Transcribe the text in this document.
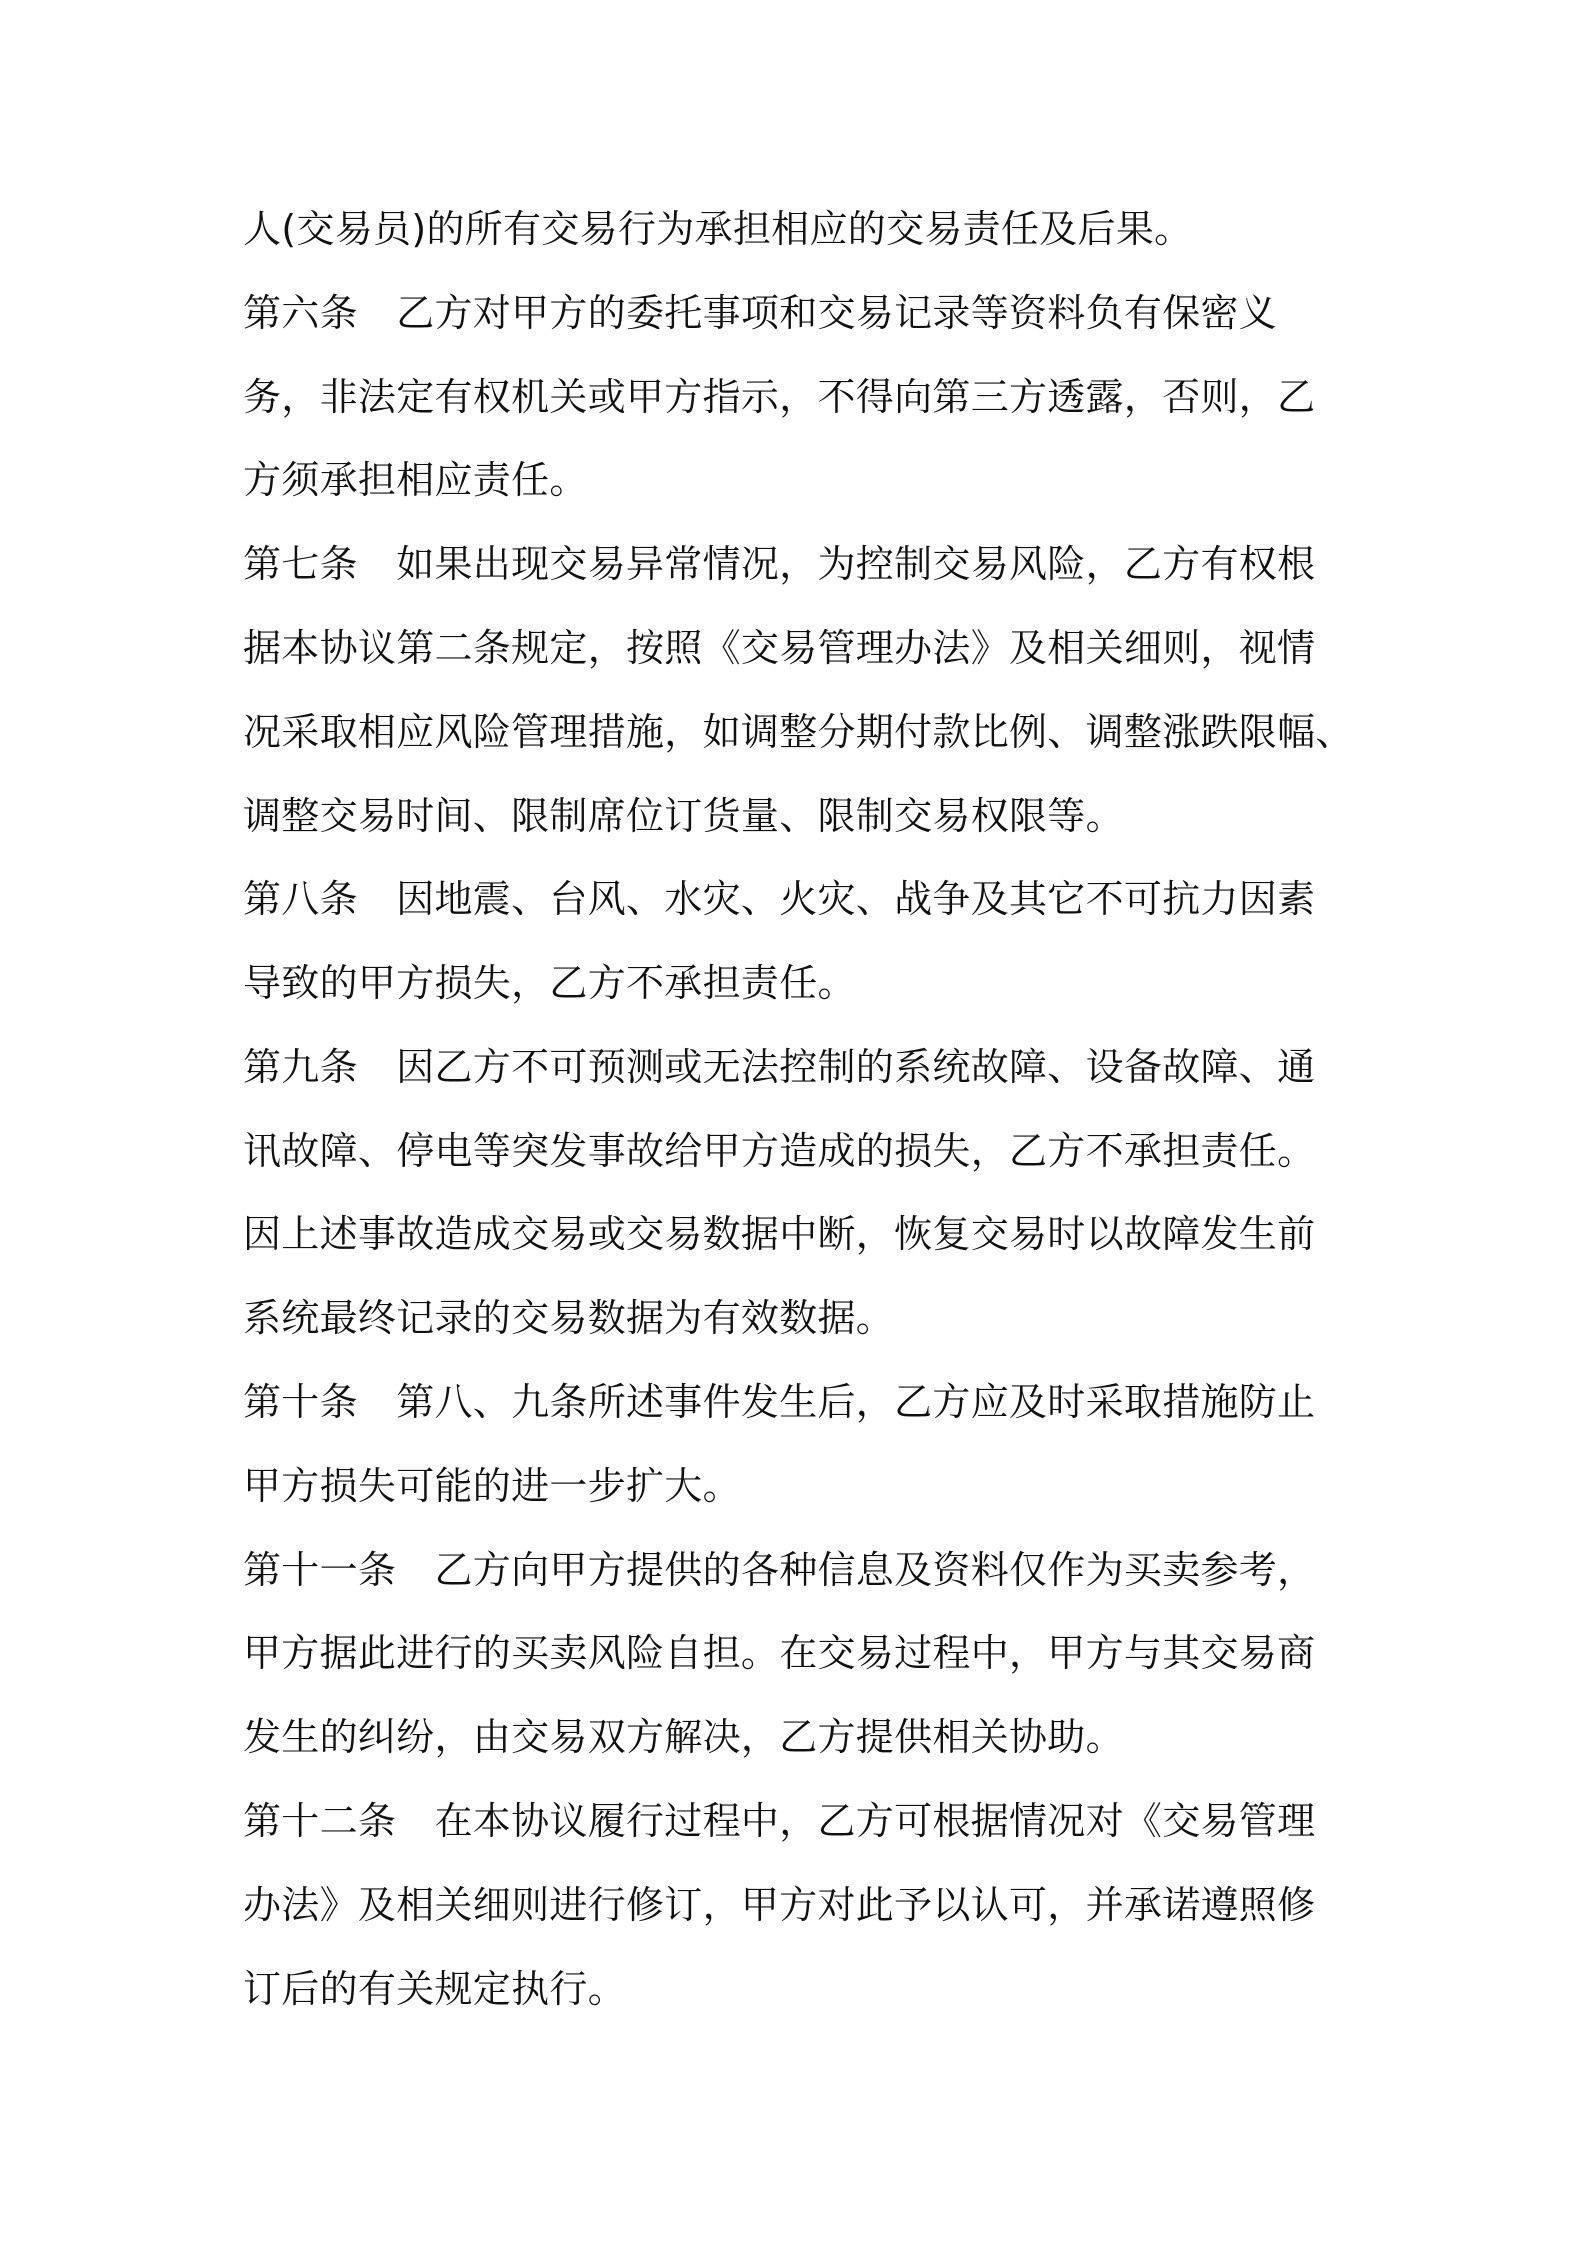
人(交易员)的所有交易行为承担相应的交易责任及后果。
第六条　乙方对甲方的委托事项和交易记录等资料负有保密义
务，非法定有权机关或甲方指示，不得向第三方透露，否则，乙
方须承担相应责任。
第七条　如果出现交易异常情况，为控制交易风险，乙方有权根
据本协议第二条规定，按照《交易管理办法》及相关细则，视情
况采取相应风险管理措施，如调整分期付款比例、调整涨跌限幅、
调整交易时间、限制席位订货量、限制交易权限等。
第八条　因地震、台风、水灾、火灾、战争及其它不可抗力因素
导致的甲方损失，乙方不承担责任。
第九条　因乙方不可预测或无法控制的系统故障、设备故障、通
讯故障、停电等突发事故给甲方造成的损失，乙方不承担责任。
因上述事故造成交易或交易数据中断，恢复交易时以故障发生前
系统最终记录的交易数据为有效数据。
第十条　第八、九条所述事件发生后，乙方应及时采取措施防止
甲方损失可能的进一步扩大。
第十一条　乙方向甲方提供的各种信息及资料仅作为买卖参考，
甲方据此进行的买卖风险自担。在交易过程中，甲方与其交易商
发生的纠纷，由交易双方解决，乙方提供相关协助。
第十二条　在本协议履行过程中，乙方可根据情况对《交易管理
办法》及相关细则进行修订，甲方对此予以认可，并承诺遵照修
订后的有关规定执行。
